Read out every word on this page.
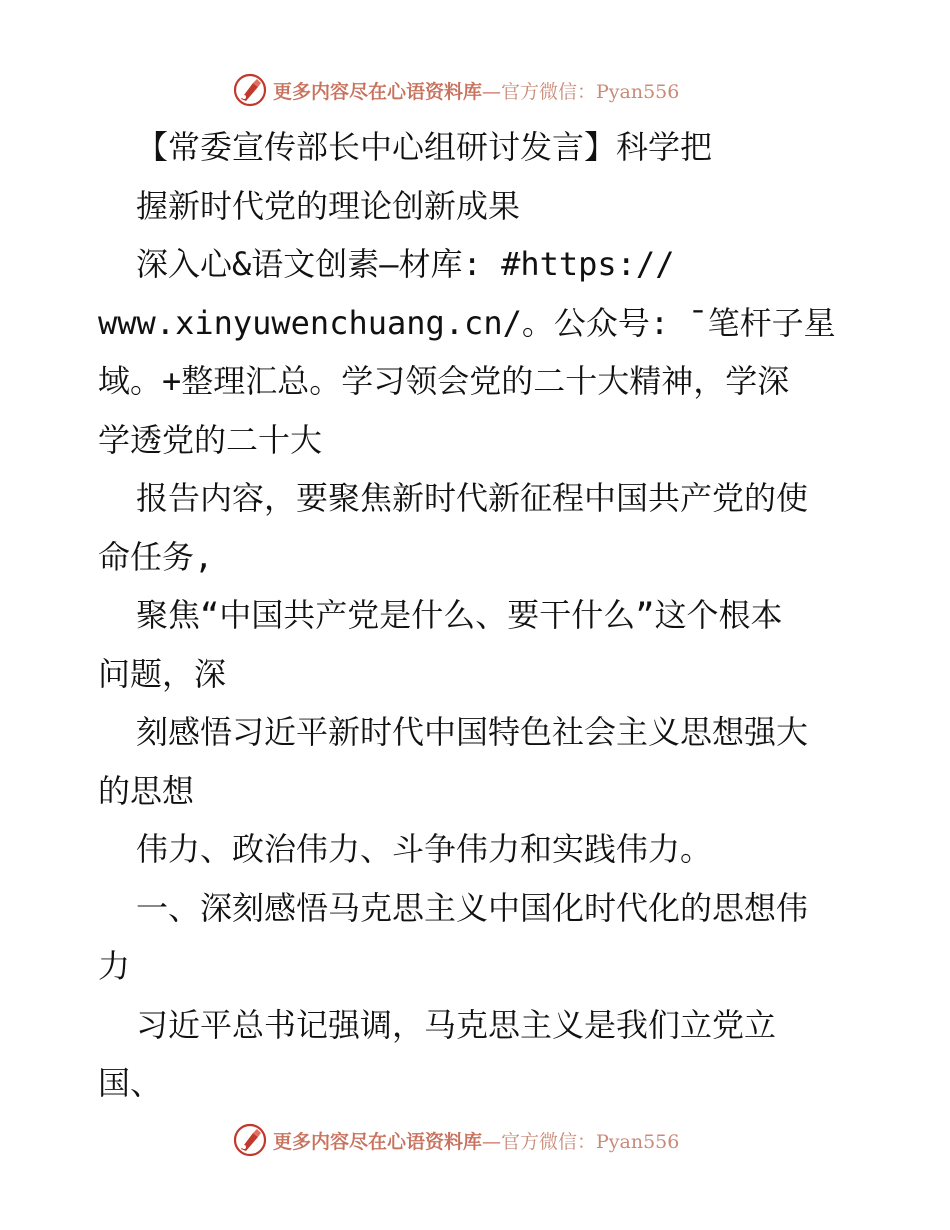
更多内容尽在心语资料库—官方微信：Pyan556
【常委宣传部长中心组研讨发言】科学把
握新时代党的理论创新成果
深入心&语文创素—材库: #https://
www.xinyuwenchuang.cn/。公众号: ¯笔杆子星
域。+整理汇总。学习领会党的二十大精神，学深
学透党的二十大
报告内容，要聚焦新时代新征程中国共产党的使
命任务,
聚焦“中国共产党是什么、要干什么”这个根本
问题，深
刻感悟习近平新时代中国特色社会主义思想强大
的思想
伟力、政治伟力、斗争伟力和实践伟力。
一、深刻感悟马克思主义中国化时代化的思想伟
力
习近平总书记强调，马克思主义是我们立党立
国、
更多内容尽在心语资料库—官方微信：Pyan556
